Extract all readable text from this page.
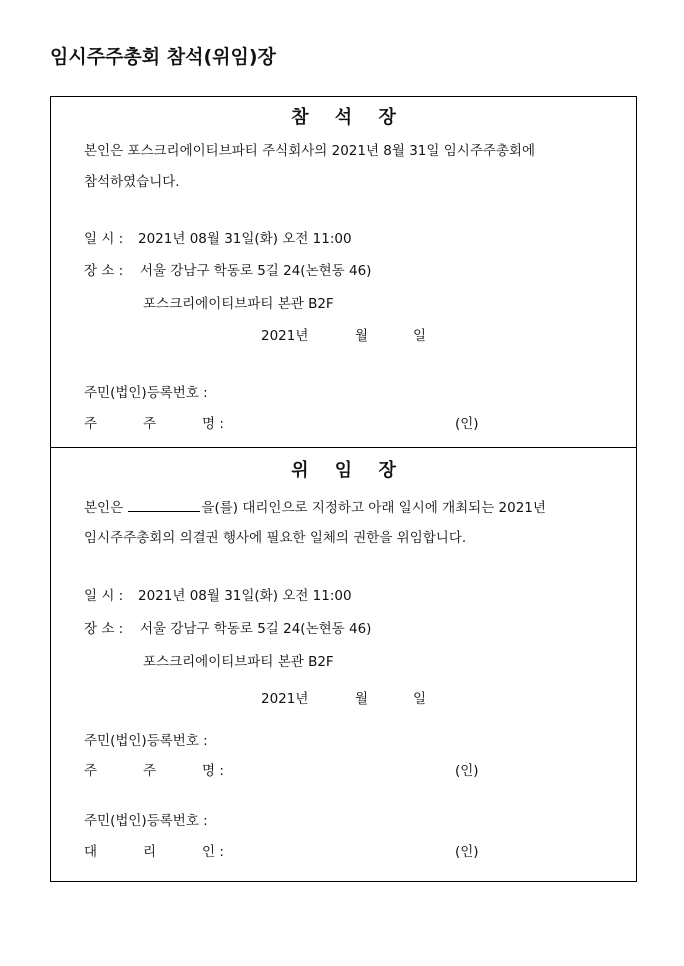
임시주주총회 참석(위임)장
참 석 장
본인은 포스크리에이티브파티 주식회사의 2021년 8월 31일 임시주주총회에
참석하였습니다.
일 시 : 2021년 08월 31일(화) 오전 11:00
장 소 : 서울 강남구 학동로 5길 24(논현동 46)
포스크리에이티브파티 본관 B2F
2021년	월	일
주민(법인)등록번호 :
주	주	명 :	(인)
위 임 장
본인은	을(를) 대리인으로 지정하고 아래 일시에 개최되는 2021년
임시주주총회의 의결권 행사에 필요한 일체의 권한을 위임합니다.
일 시 : 2021년 08월 31일(화) 오전 11:00
장 소 : 서울 강남구 학동로 5길 24(논현동 46)
포스크리에이티브파티 본관 B2F
2021년	월	일
주민(법인)등록번호 :
주	주	명 :	(인)
주민(법인)등록번호 :
대	리	인 :	(인)
